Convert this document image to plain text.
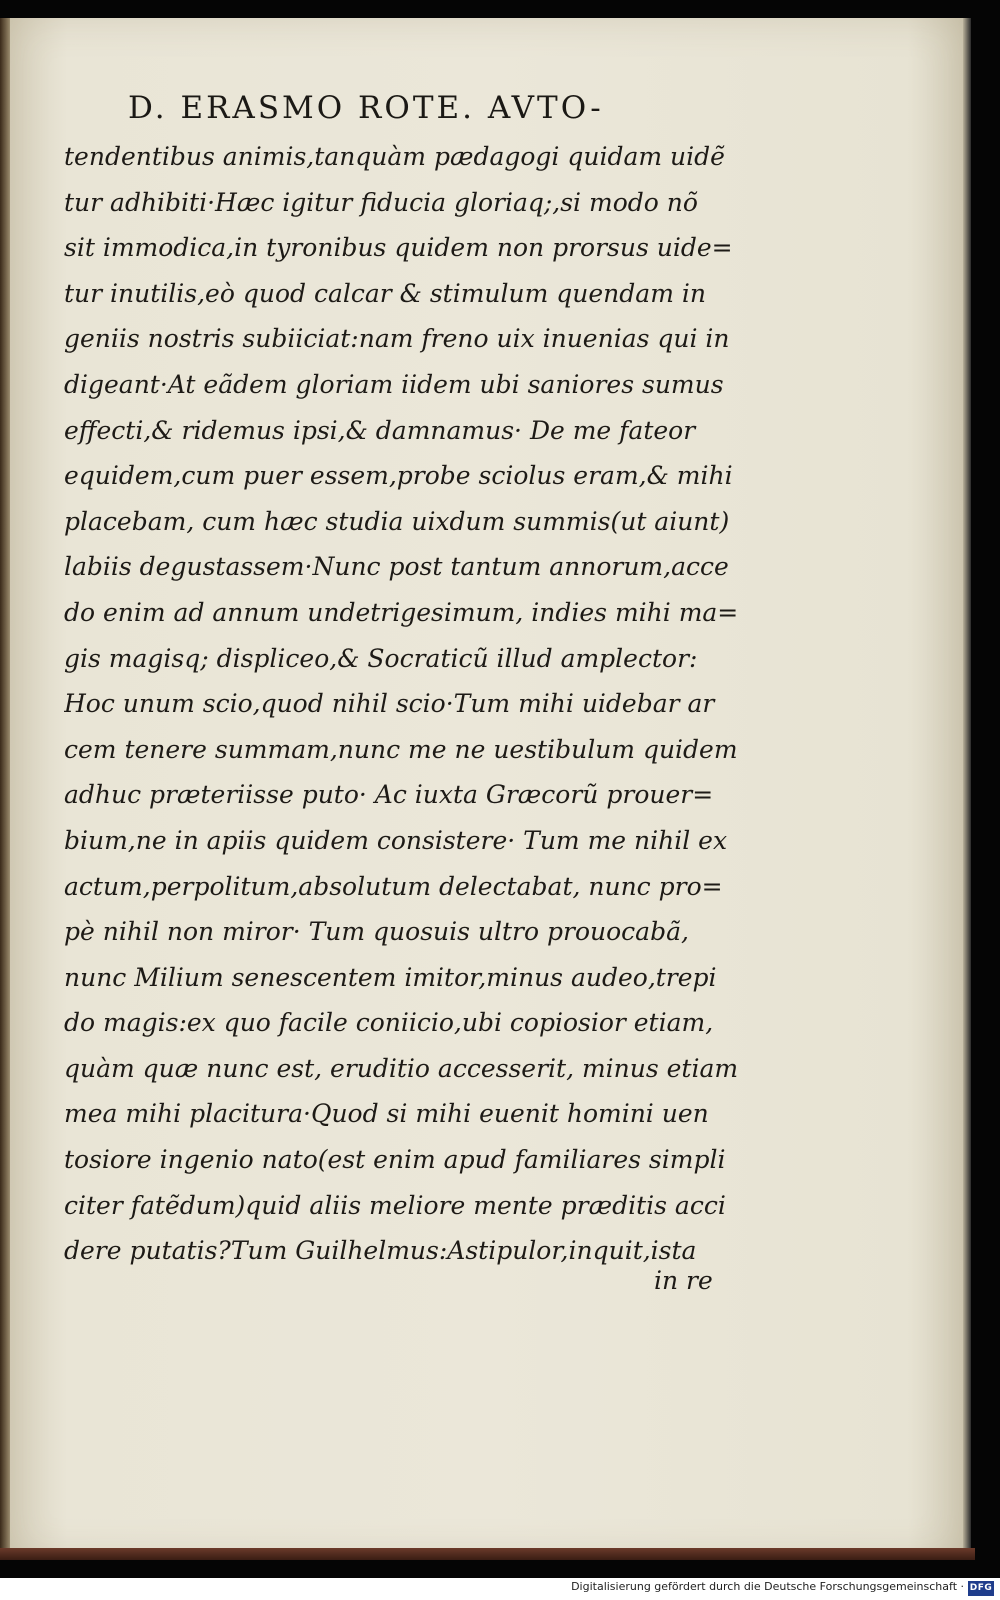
D. ERASMO ROTE. AVTO-
tendentibus animis,tanquàm pædagogi quidam uidẽ
tur adhibiti·Hæc igitur fiducia gloriaq;,si modo nõ
sit immodica,in tyronibus quidem non prorsus uide=
tur inutilis,eò quod calcar & stimulum quendam in
geniis nostris subiiciat:nam freno uix inuenias qui in
digeant·At eãdem gloriam iidem ubi saniores sumus
effecti,& ridemus ipsi,& damnamus· De me fateor
equidem,cum puer essem,probe sciolus eram,& mihi
placebam, cum hæc studia uixdum summis(ut aiunt)
labiis degustassem·Nunc post tantum annorum,acce
do enim ad annum undetrigesimum, indies mihi ma=
gis magisq; displiceo,& Socraticũ illud amplector:
Hoc unum scio,quod nihil scio·Tum mihi uidebar ar
cem tenere summam,nunc me ne uestibulum quidem
adhuc præteriisse puto· Ac iuxta Græcorũ prouer=
bium,ne in apiis quidem consistere· Tum me nihil ex
actum,perpolitum,absolutum delectabat, nunc pro=
pè nihil non miror· Tum quosuis ultro prouocabã,
nunc Milium senescentem imitor,minus audeo,trepi
do magis:ex quo facile coniicio,ubi copiosior etiam,
quàm quæ nunc est, eruditio accesserit, minus etiam
mea mihi placitura·Quod si mihi euenit homini uen
tosiore ingenio nato(est enim apud familiares simpli
citer fatẽdum)quid aliis meliore mente præditis acci
dere putatis?Tum Guilhelmus:Astipulor,inquit,ista
in re
Digitalisierung gefördert durch die Deutsche Forschungsgemeinschaft · DFG
